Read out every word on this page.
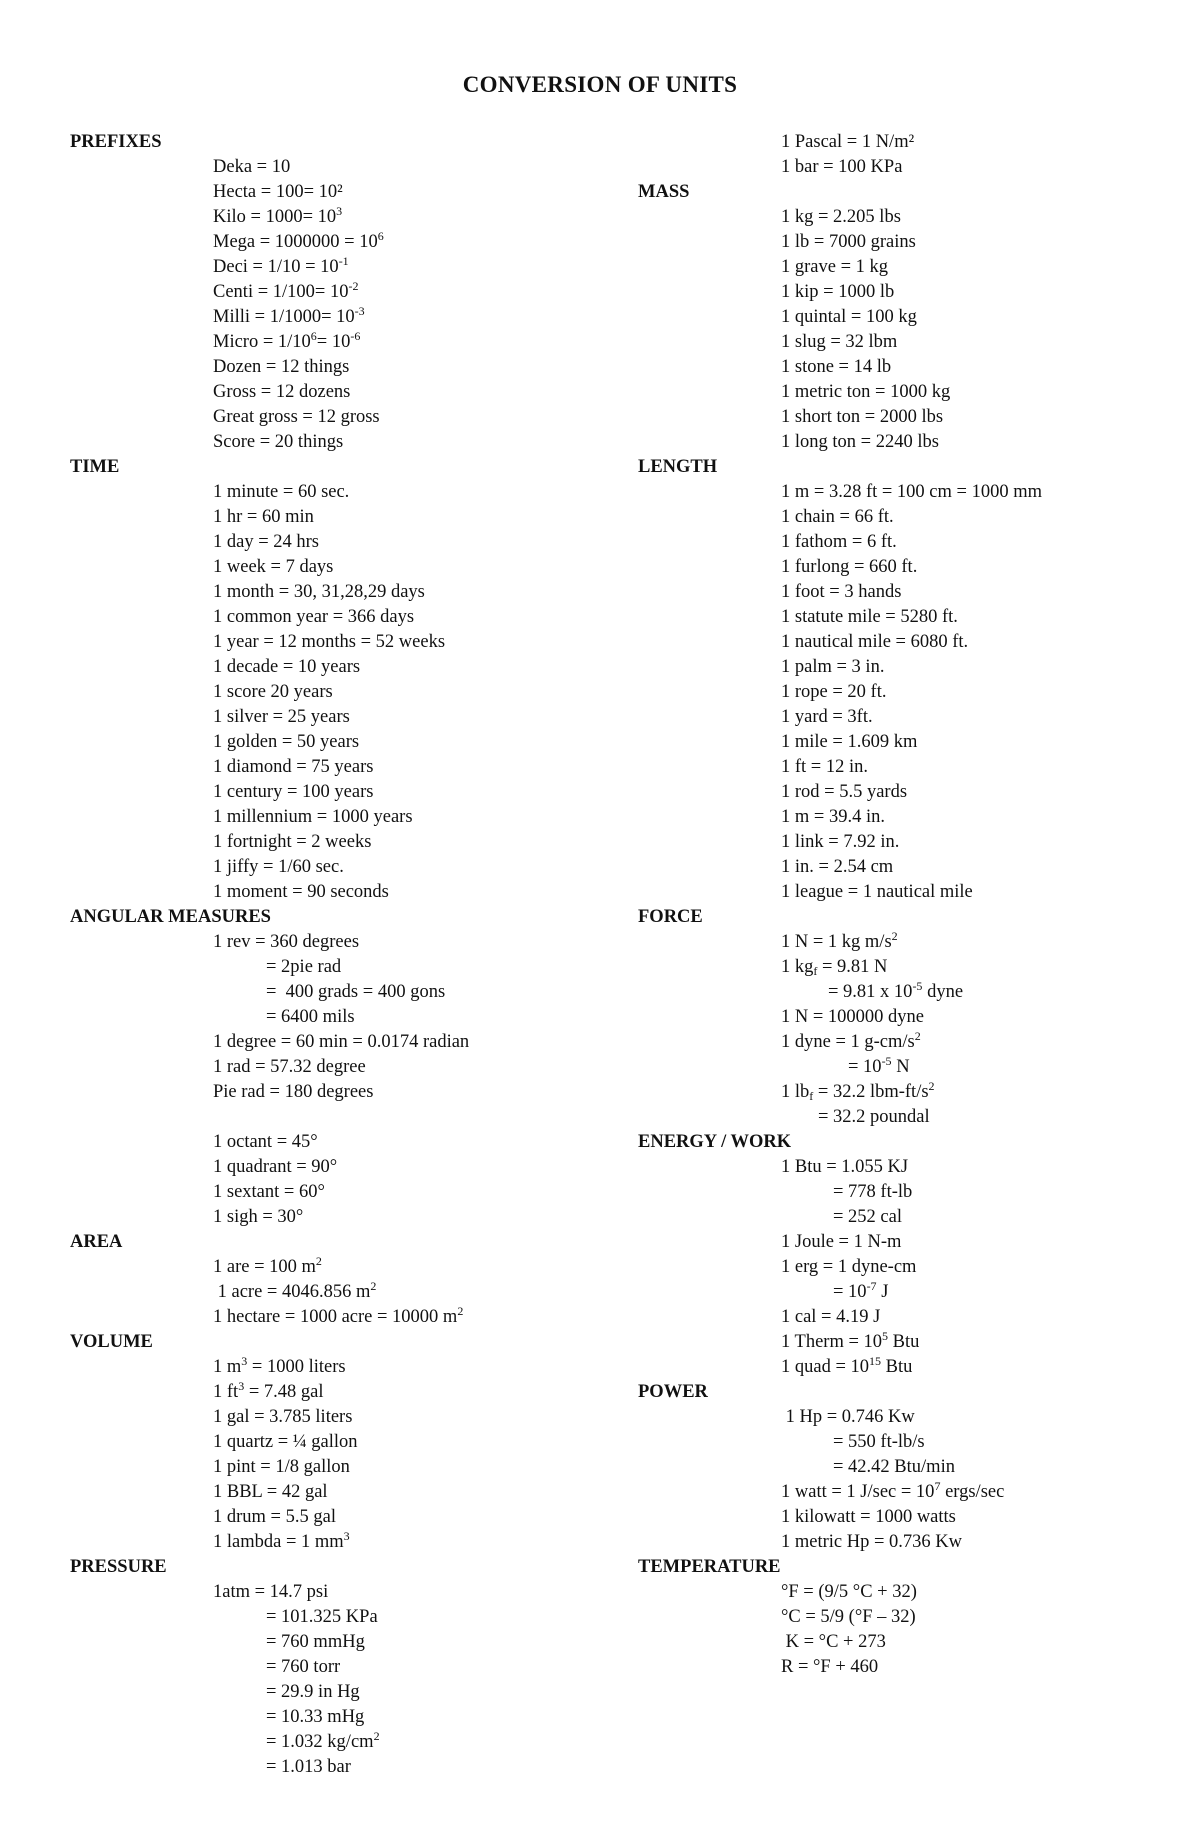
CONVERSION OF UNITS
PREFIXES
Deka = 10
Hecta = 100= 10²
Kilo = $1000= 10^3$
Mega = $1000000 = 10^6$
Deci = $1/10 = 10^{-1}$
Centi = $1/100= 10^{-2}$
Milli = $1/1000= 10^{-3}$
Micro = $1/10^6= 10^{-6}$
Dozen = 12 things
Gross = 12 dozens
Great gross = 12 gross
Score = 20 things
TIME
1 minute = 60 sec.
1 hr = 60 min
1 day = 24 hrs
1 week = 7 days
1 month = 30, 31,28,29 days
1 common year = 366 days
1 year = 12 months = 52 weeks
1 decade = 10 years
1 score 20 years
1 silver = 25 years
1 golden = 50 years
1 diamond = 75 years
1 century = 100 years
1 millennium = 1000 years
1 fortnight = 2 weeks
1 jiffy = 1/60 sec.
1 moment = 90 seconds
ANGULAR MEASURES
1 rev = 360 degrees
= 2pie rad
=  400 grads = 400 gons
= 6400 mils
1 degree = 60 min = 0.0174 radian
1 rad = 57.32 degree
Pie rad = 180 degrees
1 octant = 45°
1 quadrant = 90°
1 sextant = 60°
1 sigh = 30°
AREA
1 are = 100 $m^2$
1 acre = 4046.856 $m^2$
1 hectare = 1000 acre = 10000 $m^2$
VOLUME
1 $m^3 = 1000$ liters
1 $ft^3 = 7.48$ gal
1 gal = 3.785 liters
1 quartz = ¼ gallon
1 pint = 1/8 gallon
1 BBL = 42 gal
1 drum = 5.5 gal
1 lambda = 1 $mm^3$
PRESSURE
1atm = 14.7 psi
= 101.325 KPa
= 760 mmHg
= 760 torr
= 29.9 in Hg
= 10.33 mHg
= 1.032 $kg/cm^2$
= 1.013 bar
1 Pascal = 1 N/m²
1 bar = 100 KPa
MASS
1 kg = 2.205 lbs
1 lb = 7000 grains
1 grave = 1 kg
1 kip = 1000 lb
1 quintal = 100 kg
1 slug = 32 lbm
1 stone = 14 lb
1 metric ton = 1000 kg
1 short ton = 2000 lbs
1 long ton = 2240 lbs
LENGTH
1 m = 3.28 ft = 100 cm = 1000 mm
1 chain = 66 ft.
1 fathom = 6 ft.
1 furlong = 660 ft.
1 foot = 3 hands
1 statute mile = 5280 ft.
1 nautical mile = 6080 ft.
1 palm = 3 in.
1 rope = 20 ft.
1 yard = 3ft.
1 mile = 1.609 km
1 ft = 12 in.
1 rod = 5.5 yards
1 m = 39.4 in.
1 link = 7.92 in.
1 in. = 2.54 cm
1 league = 1 nautical mile
FORCE
1 N = 1 kg $m/s^2$
1 $kg_f = 9.81$ N
= 9.81 x $10^{-5}$ dyne
1 N = 100000 dyne
1 dyne = 1 $g-cm/s^2$
= $10^{-5}$ N
1 $lb_f = 32.2$ lbm-$ft/s^2$
= 32.2 poundal
ENERGY / WORK
1 Btu = 1.055 KJ
= 778 ft-lb
= 252 cal
1 Joule = 1 N-m
1 erg = 1 dyne-cm
= $10^{-7}$ J
1 cal = 4.19 J
1 Therm = $10^5$ Btu
1 quad = $10^{15}$ Btu
POWER
1 Hp = 0.746 Kw
= 550 ft-lb/s
= 42.42 Btu/min
1 watt = 1 $J/\sec = 10^7$ ergs/sec
1 kilowatt = 1000 watts
1 metric Hp = 0.736 Kw
TEMPERATURE
°F = (9/5 °C + 32)
°C = 5/9 (°F – 32)
K = °C + 273
R = °F + 460
